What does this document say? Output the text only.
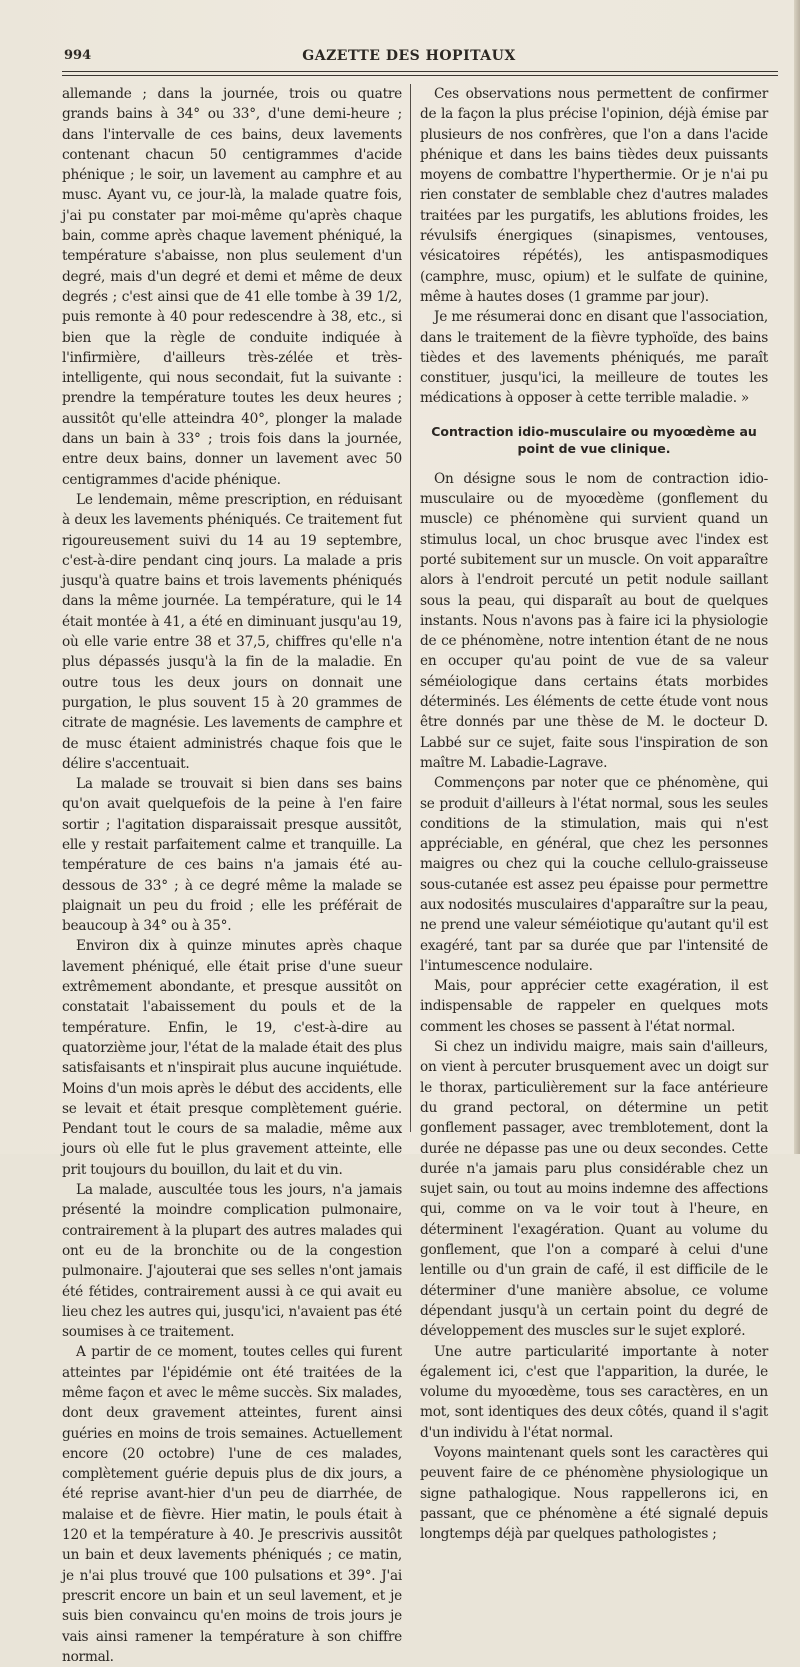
994	GAZETTE DES HOPITAUX

allemande ; dans la journée, trois ou quatre grands bains à 34° ou 33°, d'une demi-heure ; dans l'intervalle de ces bains, deux lavements contenant chacun 50 centigrammes d'acide phénique ; le soir, un lavement au camphre et au musc. Ayant vu, ce jour-là, la malade quatre fois, j'ai pu constater par moi-même qu'après chaque bain, comme après chaque lavement phéniqué, la température s'abaisse, non plus seulement d'un degré, mais d'un degré et demi et même de deux degrés ; c'est ainsi que de 41 elle tombe à 39 1/2, puis remonte à 40 pour redescendre à 38, etc., si bien que la règle de conduite indiquée à l'infirmière, d'ailleurs très-zélée et très-intelligente, qui nous secondait, fut la suivante : prendre la température toutes les deux heures ; aussitôt qu'elle atteindra 40°, plonger la malade dans un bain à 33° ; trois fois dans la journée, entre deux bains, donner un lavement avec 50 centigrammes d'acide phénique.

Le lendemain, même prescription, en réduisant à deux les lavements phéniqués. Ce traitement fut rigoureusement suivi du 14 au 19 septembre, c'est-à-dire pendant cinq jours. La malade a pris jusqu'à quatre bains et trois lavements phéniqués dans la même journée. La température, qui le 14 était montée à 41, a été en diminuant jusqu'au 19, où elle varie entre 38 et 37,5, chiffres qu'elle n'a plus dépassés jusqu'à la fin de la maladie. En outre tous les deux jours on donnait une purgation, le plus souvent 15 à 20 grammes de citrate de magnésie. Les lavements de camphre et de musc étaient administrés chaque fois que le délire s'accentuait.

La malade se trouvait si bien dans ses bains qu'on avait quelquefois de la peine à l'en faire sortir ; l'agitation disparaissait presque aussitôt, elle y restait parfaitement calme et tranquille. La température de ces bains n'a jamais été au-dessous de 33° ; à ce degré même la malade se plaignait un peu du froid ; elle les préférait de beaucoup à 34° ou à 35°.

Environ dix à quinze minutes après chaque lavement phéniqué, elle était prise d'une sueur extrêmement abondante, et presque aussitôt on constatait l'abaissement du pouls et de la température. Enfin, le 19, c'est-à-dire au quatorzième jour, l'état de la malade était des plus satisfaisants et n'inspirait plus aucune inquiétude. Moins d'un mois après le début des accidents, elle se levait et était presque complètement guérie. Pendant tout le cours de sa maladie, même aux jours où elle fut le plus gravement atteinte, elle prit toujours du bouillon, du lait et du vin.

La malade, auscultée tous les jours, n'a jamais présenté la moindre complication pulmonaire, contrairement à la plupart des autres malades qui ont eu de la bronchite ou de la congestion pulmonaire. J'ajouterai que ses selles n'ont jamais été fétides, contrairement aussi à ce qui avait eu lieu chez les autres qui, jusqu'ici, n'avaient pas été soumises à ce traitement.

A partir de ce moment, toutes celles qui furent atteintes par l'épidémie ont été traitées de la même façon et avec le même succès. Six malades, dont deux gravement atteintes, furent ainsi guéries en moins de trois semaines. Actuellement encore (20 octobre) l'une de ces malades, complètement guérie depuis plus de dix jours, a été reprise avant-hier d'un peu de diarrhée, de malaise et de fièvre. Hier matin, le pouls était à 120 et la température à 40. Je prescrivis aussitôt un bain et deux lavements phéniqués ; ce matin, je n'ai plus trouvé que 100 pulsations et 39°. J'ai prescrit encore un bain et un seul lavement, et je suis bien convaincu qu'en moins de trois jours je vais ainsi ramener la température à son chiffre normal.

Ces observations nous permettent de confirmer de la façon la plus précise l'opinion, déjà émise par plusieurs de nos confrères, que l'on a dans l'acide phénique et dans les bains tièdes deux puissants moyens de combattre l'hyperthermie. Or je n'ai pu rien constater de semblable chez d'autres malades traitées par les purgatifs, les ablutions froides, les révulsifs énergiques (sinapismes, ventouses, vésicatoires répétés), les antispasmodiques (camphre, musc, opium) et le sulfate de quinine, même à hautes doses (1 gramme par jour).

Je me résumerai donc en disant que l'association, dans le traitement de la fièvre typhoïde, des bains tièdes et des lavements phéniqués, me paraît constituer, jusqu'ici, la meilleure de toutes les médications à opposer à cette terrible maladie. »

Contraction idio-musculaire ou myoœdème au point de vue clinique.

On désigne sous le nom de contraction idio-musculaire ou de myoœdème (gonflement du muscle) ce phénomène qui survient quand un stimulus local, un choc brusque avec l'index est porté subitement sur un muscle. On voit apparaître alors à l'endroit percuté un petit nodule saillant sous la peau, qui disparaît au bout de quelques instants. Nous n'avons pas à faire ici la physiologie de ce phénomène, notre intention étant de ne nous en occuper qu'au point de vue de sa valeur séméiologique dans certains états morbides déterminés. Les éléments de cette étude vont nous être donnés par une thèse de M. le docteur D. Labbé sur ce sujet, faite sous l'inspiration de son maître M. Labadie-Lagrave.

Commençons par noter que ce phénomène, qui se produit d'ailleurs à l'état normal, sous les seules conditions de la stimulation, mais qui n'est appréciable, en général, que chez les personnes maigres ou chez qui la couche cellulo-graisseuse sous-cutanée est assez peu épaisse pour permettre aux nodosités musculaires d'apparaître sur la peau, ne prend une valeur séméiotique qu'autant qu'il est exagéré, tant par sa durée que par l'intensité de l'intumescence nodulaire.

Mais, pour apprécier cette exagération, il est indispensable de rappeler en quelques mots comment les choses se passent à l'état normal.

Si chez un individu maigre, mais sain d'ailleurs, on vient à percuter brusquement avec un doigt sur le thorax, particulièrement sur la face antérieure du grand pectoral, on détermine un petit gonflement passager, avec tremblotement, dont la durée ne dépasse pas une ou deux secondes. Cette durée n'a jamais paru plus considérable chez un sujet sain, ou tout au moins indemne des affections qui, comme on va le voir tout à l'heure, en déterminent l'exagération. Quant au volume du gonflement, que l'on a comparé à celui d'une lentille ou d'un grain de café, il est difficile de le déterminer d'une manière absolue, ce volume dépendant jusqu'à un certain point du degré de développement des muscles sur le sujet exploré.

Une autre particularité importante à noter également ici, c'est que l'apparition, la durée, le volume du myoœdème, tous ses caractères, en un mot, sont identiques des deux côtés, quand il s'agit d'un individu à l'état normal.

Voyons maintenant quels sont les caractères qui peuvent faire de ce phénomène physiologique un signe pathalogique. Nous rappellerons ici, en passant, que ce phénomène a été signalé depuis longtemps déjà par quelques pathologistes ;
